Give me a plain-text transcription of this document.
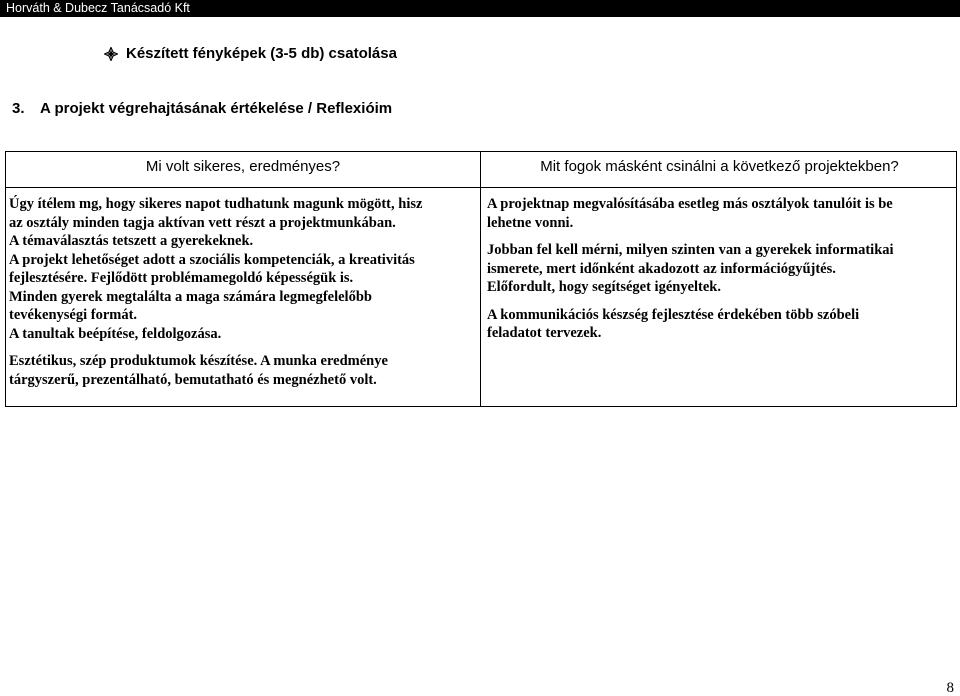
Horváth & Dubecz Tanácsadó Kft
Készített fényképek (3-5 db) csatolása
3. A projekt végrehajtásának értékelése / Reflexióim
Mi volt sikeres, eredményes?	Mit fogok másként csinálni a következő projektekben?

Úgy ítélem mg, hogy sikeres napot tudhatunk magunk mögött, hisz

az osztály minden tagja aktívan vett részt a projektmunkában.

A témaválasztás tetszett a gyerekeknek.

A projekt lehetőséget adott a szociális kompetenciák, a kreativitás

fejlesztésére. Fejlődött problémamegoldó képességük is.

Minden gyerek megtalálta a maga számára legmegfelelőbb

tevékenységi formát.

A tanultak beépítése, feldolgozása.

Esztétikus, szép produktumok készítése. A munka eredménye

tárgyszerű, prezentálható, bemutatható és megnézhető volt.

A projektnap megvalósításába esetleg más osztályok tanulóit is be

lehetne vonni.

Jobban fel kell mérni, milyen szinten van a gyerekek informatikai

ismerete, mert időnként akadozott az információgyűjtés.

Előfordult, hogy segítséget igényeltek.

A kommunikációs készség fejlesztése érdekében több szóbeli

feladatot tervezek.

8
